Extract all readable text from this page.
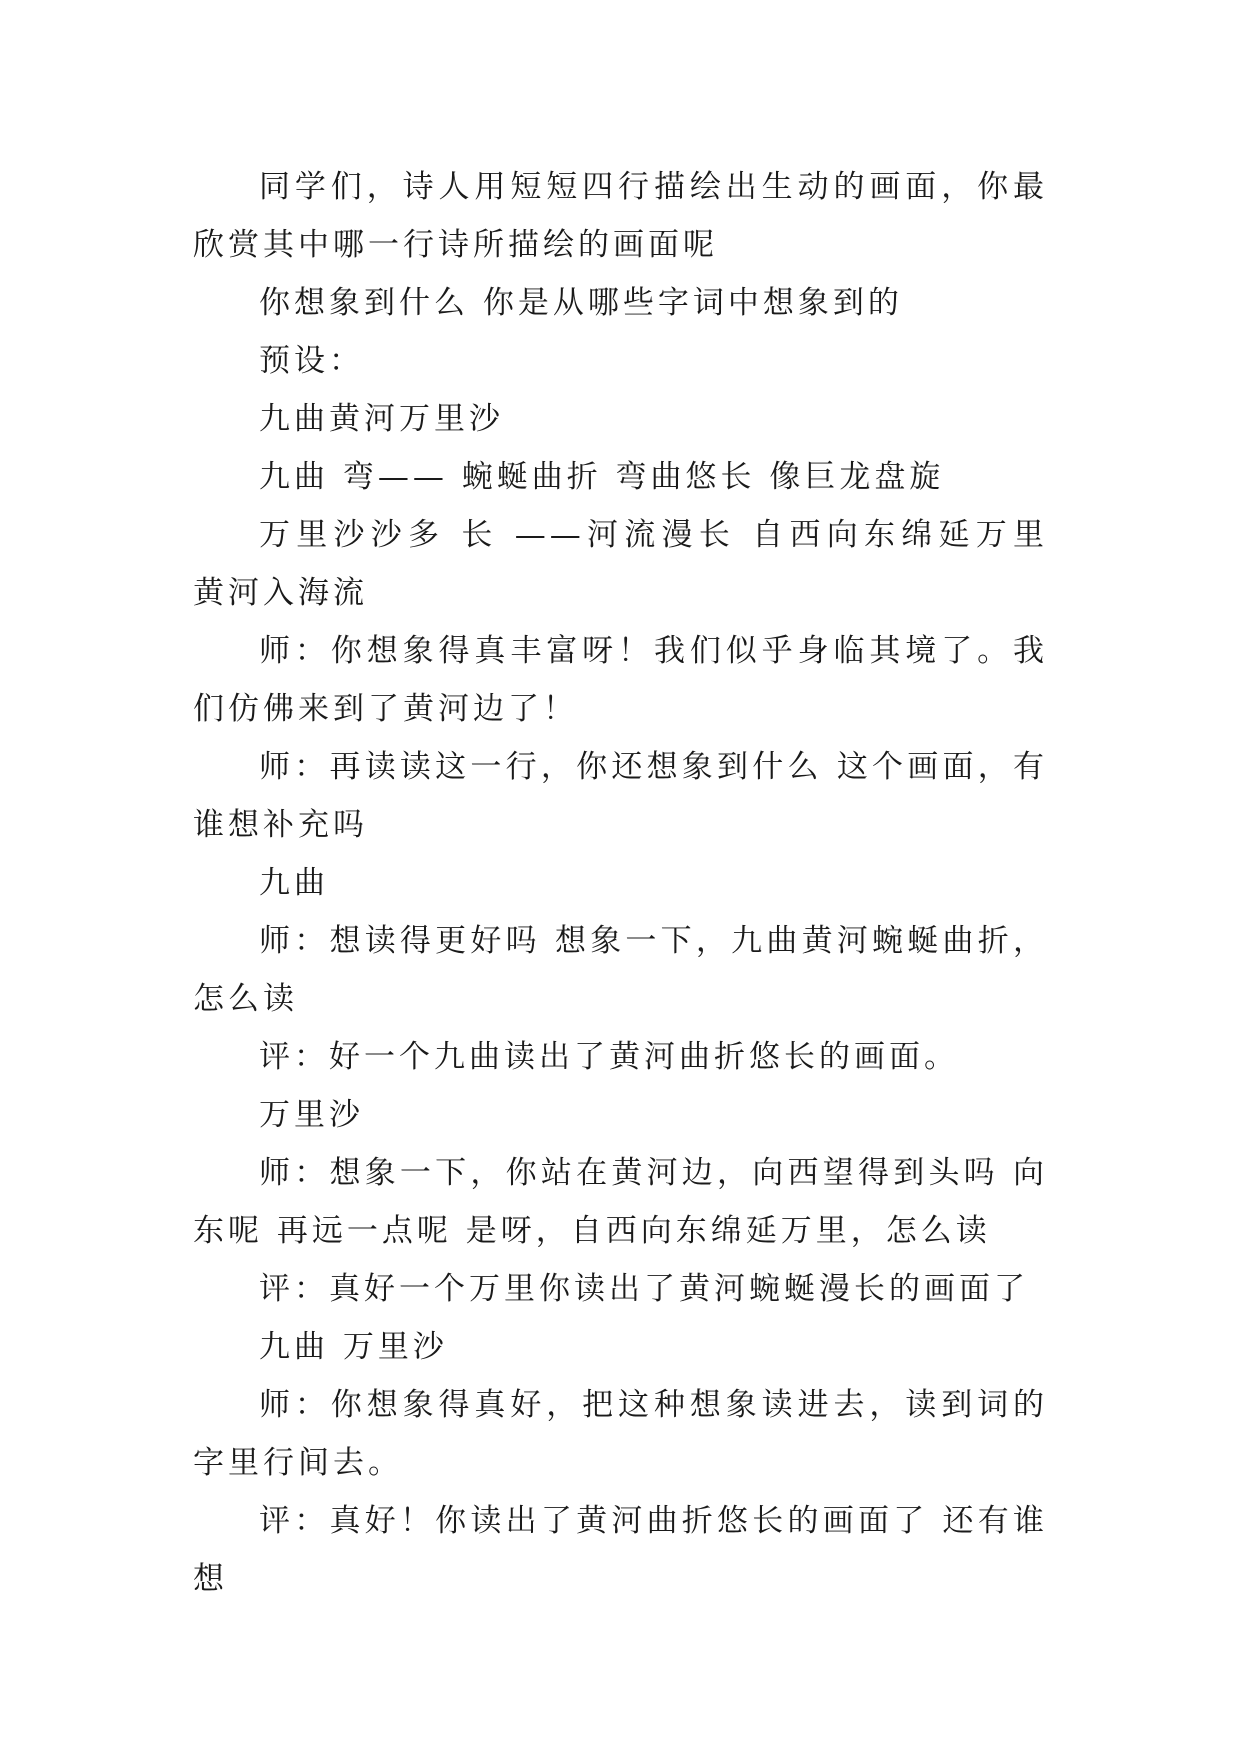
同学们，诗人用短短四行描绘出生动的画面，你最欣赏其中哪一行诗所描绘的画面呢

你想象到什么 你是从哪些字词中想象到的

预设：

九曲黄河万里沙

九曲 弯—— 蜿蜒曲折 弯曲悠长 像巨龙盘旋

万里沙沙多 长 ——河流漫长 自西向东绵延万里 黄河入海流

师：你想象得真丰富呀！我们似乎身临其境了。我们仿佛来到了黄河边了！

师：再读读这一行，你还想象到什么 这个画面，有谁想补充吗

九曲

师：想读得更好吗 想象一下，九曲黄河蜿蜒曲折，怎么读

评：好一个九曲读出了黄河曲折悠长的画面。

万里沙

师：想象一下，你站在黄河边，向西望得到头吗 向东呢 再远一点呢 是呀，自西向东绵延万里，怎么读

评：真好一个万里你读出了黄河蜿蜒漫长的画面了

九曲 万里沙

师：你想象得真好，把这种想象读进去，读到词的字里行间去。

评：真好！你读出了黄河曲折悠长的画面了 还有谁想
